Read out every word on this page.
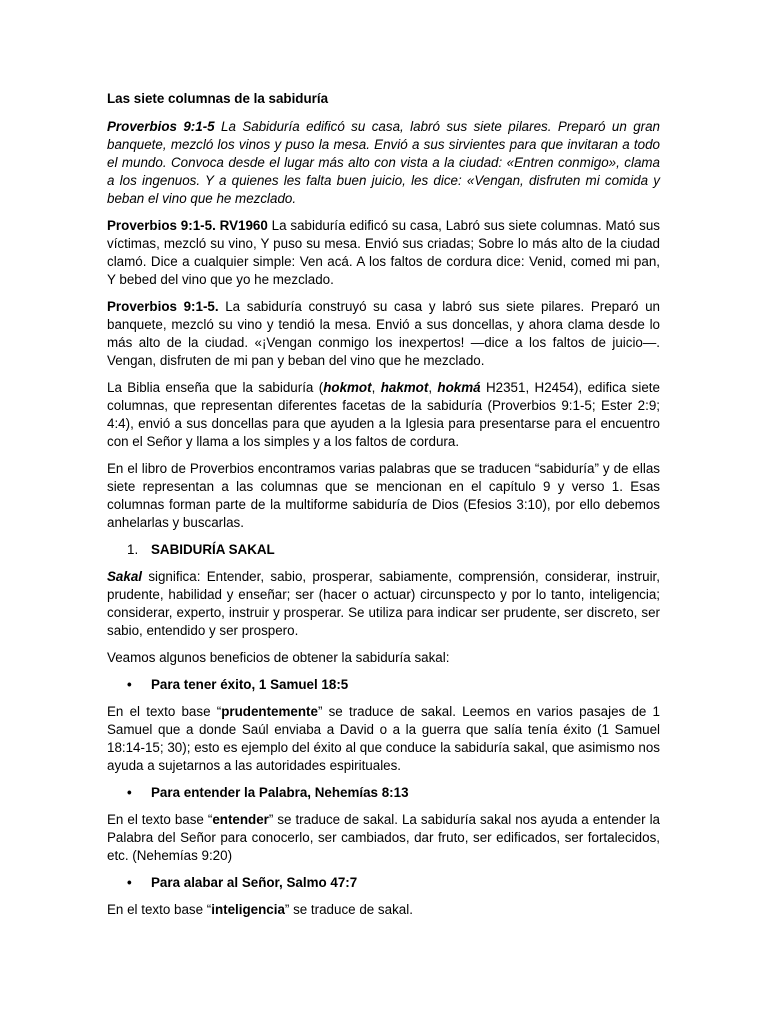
Las siete columnas de la sabiduría

Proverbios 9:1-5 La Sabiduría edificó su casa, labró sus siete pilares. Preparó un gran banquete, mezcló los vinos y puso la mesa. Envió a sus sirvientes para que invitaran a todo el mundo. Convoca desde el lugar más alto con vista a la ciudad: «Entren conmigo», clama a los ingenuos. Y a quienes les falta buen juicio, les dice: «Vengan, disfruten mi comida y beban el vino que he mezclado.

Proverbios 9:1-5. RV1960 La sabiduría edificó su casa, Labró sus siete columnas. Mató sus víctimas, mezcló su vino, Y puso su mesa. Envió sus criadas; Sobre lo más alto de la ciudad clamó. Dice a cualquier simple: Ven acá. A los faltos de cordura dice: Venid, comed mi pan, Y bebed del vino que yo he mezclado.

Proverbios 9:1-5. La sabiduría construyó su casa y labró sus siete pilares. Preparó un banquete, mezcló su vino y tendió la mesa. Envió a sus doncellas, y ahora clama desde lo más alto de la ciudad. «¡Vengan conmigo los inexpertos! —dice a los faltos de juicio—. Vengan, disfruten de mi pan y beban del vino que he mezclado.

La Biblia enseña que la sabiduría (hokmot, hakmot, hokmá H2351, H2454), edifica siete columnas, que representan diferentes facetas de la sabiduría (Proverbios 9:1-5; Ester 2:9; 4:4), envió a sus doncellas para que ayuden a la Iglesia para presentarse para el encuentro con el Señor y llama a los simples y a los faltos de cordura.

En el libro de Proverbios encontramos varias palabras que se traducen “sabiduría” y de ellas siete representan a las columnas que se mencionan en el capítulo 9 y verso 1. Esas columnas forman parte de la multiforme sabiduría de Dios (Efesios 3:10), por ello debemos anhelarlas y buscarlas.

1. SABIDURÍA SAKAL

Sakal significa: Entender, sabio, prosperar, sabiamente, comprensión, considerar, instruir, prudente, habilidad y enseñar; ser (hacer o actuar) circunspecto y por lo tanto, inteligencia; considerar, experto, instruir y prosperar. Se utiliza para indicar ser prudente, ser discreto, ser sabio, entendido y ser prospero.

Veamos algunos beneficios de obtener la sabiduría sakal:

•	Para tener éxito, 1 Samuel 18:5

En el texto base “prudentemente” se traduce de sakal. Leemos en varios pasajes de 1 Samuel que a donde Saúl enviaba a David o a la guerra que salía tenía éxito (1 Samuel 18:14-15; 30); esto es ejemplo del éxito al que conduce la sabiduría sakal, que asimismo nos ayuda a sujetarnos a las autoridades espirituales.

•	Para entender la Palabra, Nehemías 8:13

En el texto base “entender” se traduce de sakal. La sabiduría sakal nos ayuda a entender la Palabra del Señor para conocerlo, ser cambiados, dar fruto, ser edificados, ser fortalecidos, etc. (Nehemías 9:20)

•	Para alabar al Señor, Salmo 47:7

En el texto base “inteligencia” se traduce de sakal.
